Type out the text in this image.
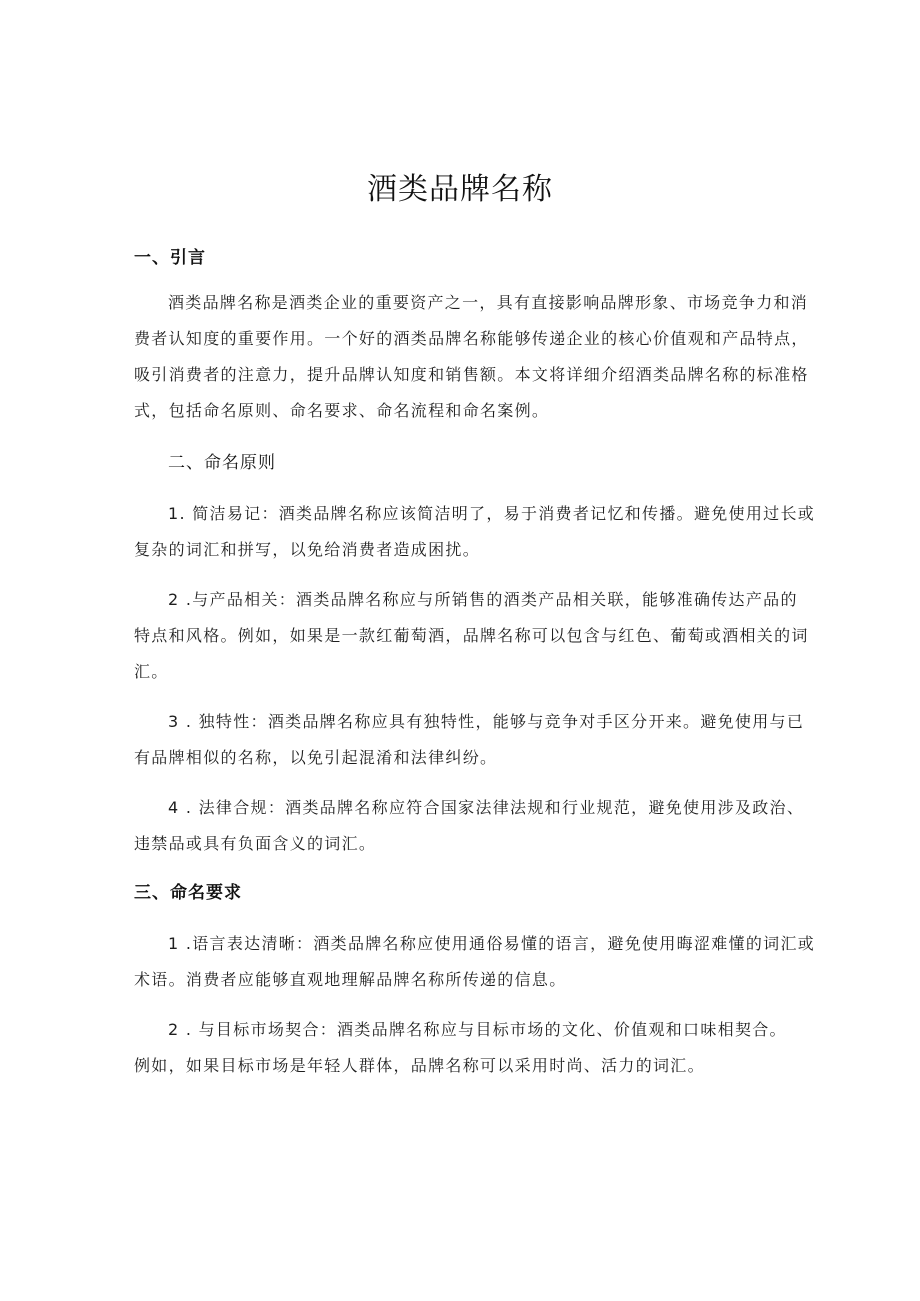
酒类品牌名称
一、引言
酒类品牌名称是酒类企业的重要资产之一，具有直接影响品牌形象、市场竞争力和消
费者认知度的重要作用。一个好的酒类品牌名称能够传递企业的核心价值观和产品特点，
吸引消费者的注意力，提升品牌认知度和销售额。本文将详细介绍酒类品牌名称的标准格
式，包括命名原则、命名要求、命名流程和命名案例。
二、命名原则
1. 简洁易记：酒类品牌名称应该简洁明了，易于消费者记忆和传播。避免使用过长或
复杂的词汇和拼写，以免给消费者造成困扰。
2 .与产品相关：酒类品牌名称应与所销售的酒类产品相关联，能够准确传达产品的
特点和风格。例如，如果是一款红葡萄酒，品牌名称可以包含与红色、葡萄或酒相关的词
汇。
3 . 独特性：酒类品牌名称应具有独特性，能够与竞争对手区分开来。避免使用与已
有品牌相似的名称，以免引起混淆和法律纠纷。
4 . 法律合规：酒类品牌名称应符合国家法律法规和行业规范，避免使用涉及政治、
违禁品或具有负面含义的词汇。
三、命名要求
1 .语言表达清晰：酒类品牌名称应使用通俗易懂的语言，避免使用晦涩难懂的词汇或
术语。消费者应能够直观地理解品牌名称所传递的信息。
2 . 与目标市场契合：酒类品牌名称应与目标市场的文化、价值观和口味相契合。
例如，如果目标市场是年轻人群体，品牌名称可以采用时尚、活力的词汇。
